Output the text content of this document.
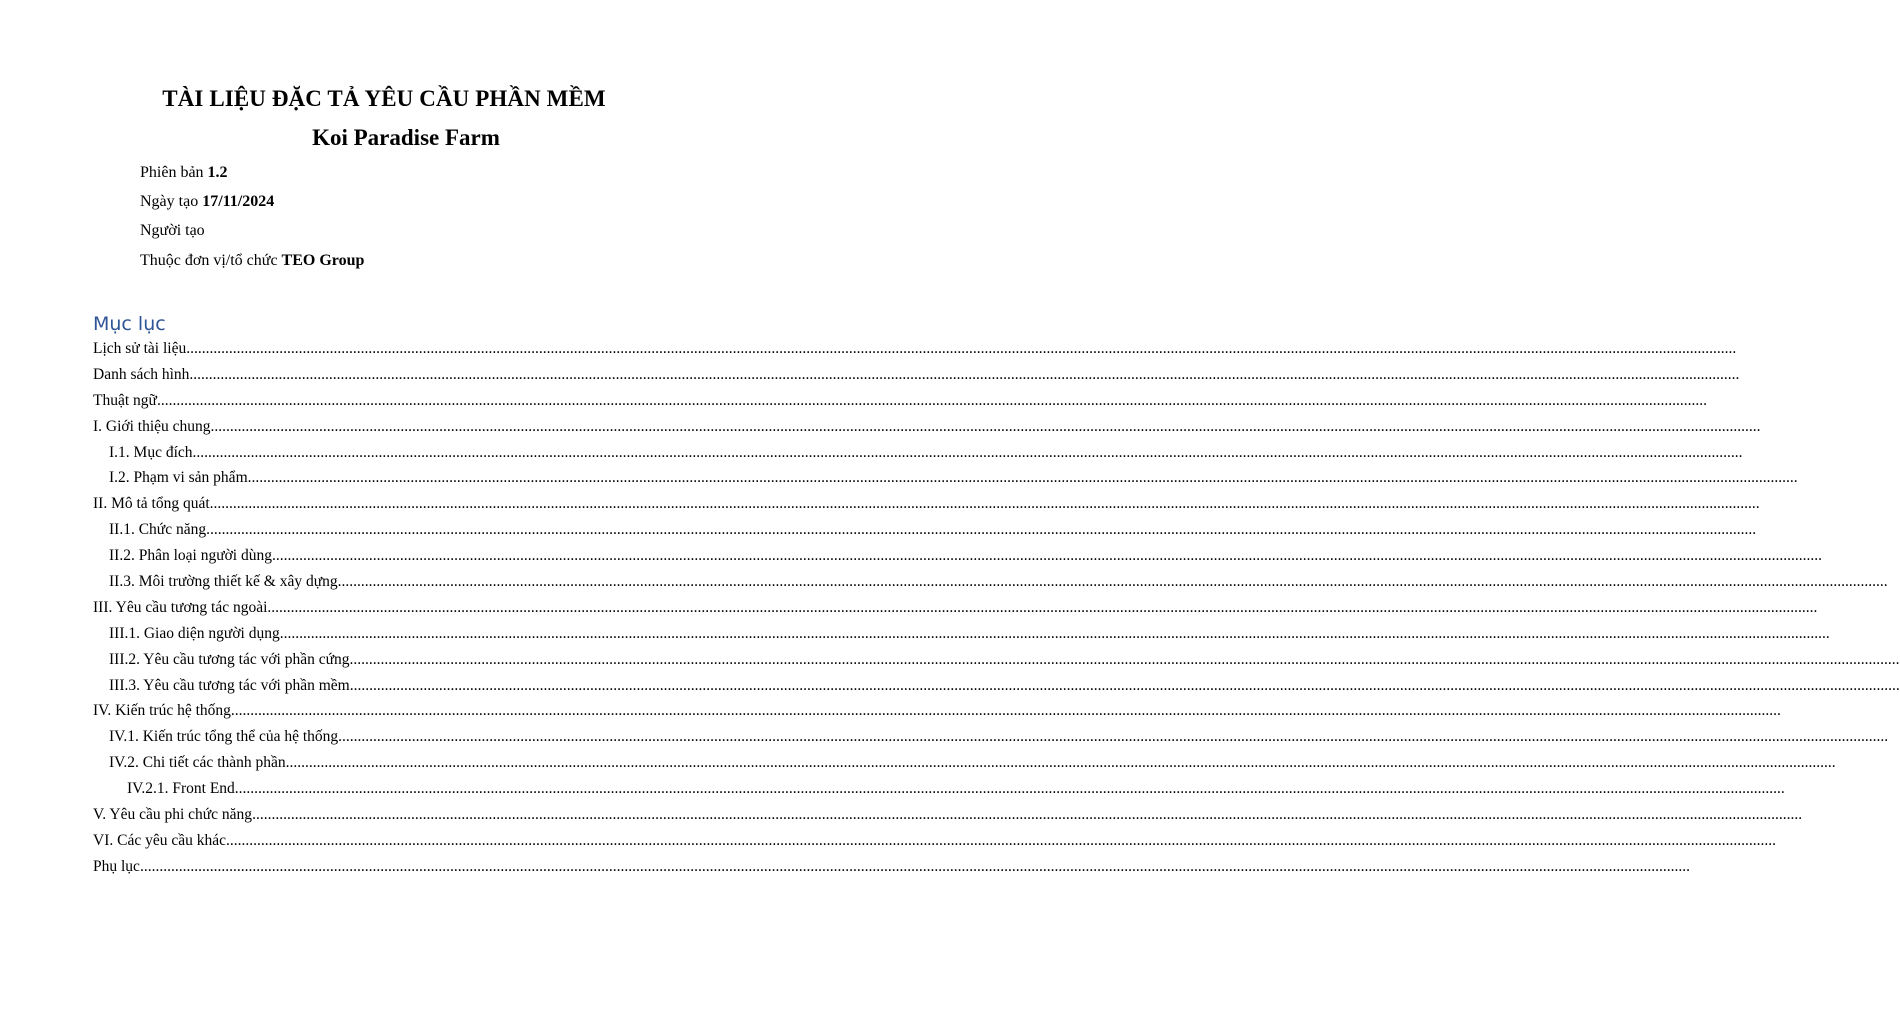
TÀI LIỆU ĐẶC TẢ YÊU CẦU PHẦN MỀM
Koi Paradise Farm
Phiên bản 1.2
Ngày tạo 17/11/2024
Người tạo
Thuộc đơn vị/tổ chức TEO Group
Mục lục
Lịch sử tài liệu ................................................................................................................................................................................................................................................................................................................................................................................................................
Danh sách hình ................................................................................................................................................................................................................................................................................................................................................................................................................
Thuật ngữ ................................................................................................................................................................................................................................................................................................................................................................................................................
I. Giới thiệu chung ................................................................................................................................................................................................................................................................................................................................................................................................................
I.1. Mục đích ................................................................................................................................................................................................................................................................................................................................................................................................................
I.2. Phạm vi sản phẩm ................................................................................................................................................................................................................................................................................................................................................................................................................
II. Mô tả tổng quát ................................................................................................................................................................................................................................................................................................................................................................................................................
II.1. Chức năng ................................................................................................................................................................................................................................................................................................................................................................................................................
II.2. Phân loại người dùng ................................................................................................................................................................................................................................................................................................................................................................................................................
II.3. Môi trường thiết kế & xây dựng ................................................................................................................................................................................................................................................................................................................................................................................................................
III. Yêu cầu tương tác ngoài ................................................................................................................................................................................................................................................................................................................................................................................................................
III.1. Giao diện người dụng ................................................................................................................................................................................................................................................................................................................................................................................................................
III.2. Yêu cầu tương tác với phần cứng ................................................................................................................................................................................................................................................................................................................................................................................................................
III.3. Yêu cầu tương tác với phần mềm ................................................................................................................................................................................................................................................................................................................................................................................................................
IV. Kiến trúc hệ thống ................................................................................................................................................................................................................................................................................................................................................................................................................
IV.1. Kiến trúc tổng thể của hệ thống ................................................................................................................................................................................................................................................................................................................................................................................................................
IV.2. Chi tiết các thành phần ................................................................................................................................................................................................................................................................................................................................................................................................................
IV.2.1. Front End ................................................................................................................................................................................................................................................................................................................................................................................................................
V. Yêu cầu phi chức năng ................................................................................................................................................................................................................................................................................................................................................................................................................
VI. Các yêu cầu khác ................................................................................................................................................................................................................................................................................................................................................................................................................
Phụ lục ................................................................................................................................................................................................................................................................................................................................................................................................................
